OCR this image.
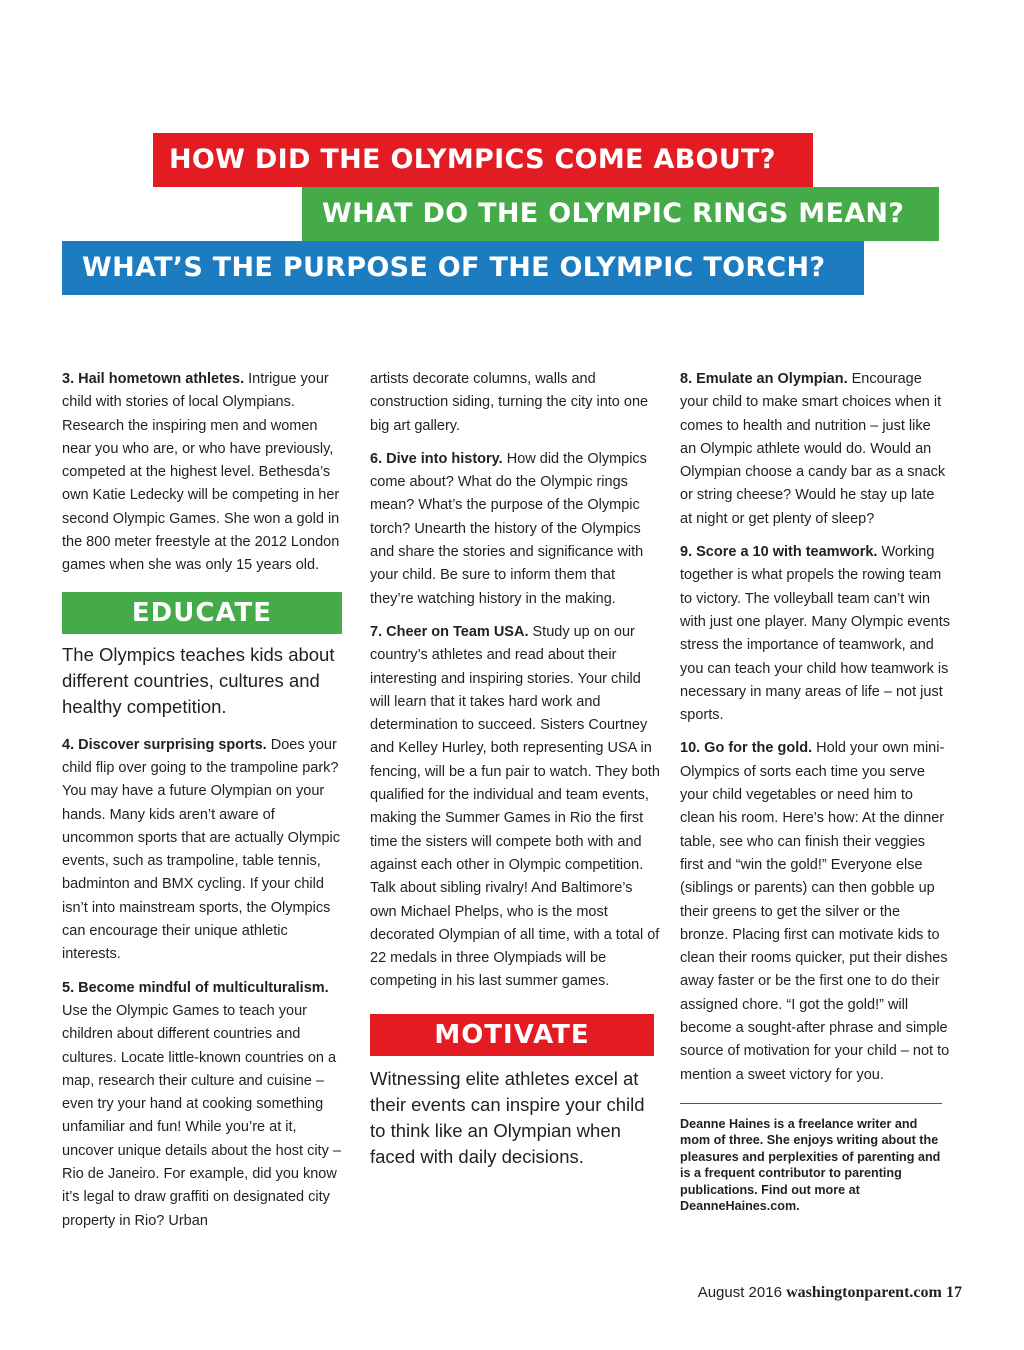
HOW DID THE OLYMPICS COME ABOUT?
WHAT DO THE OLYMPIC RINGS MEAN?
WHAT’S THE PURPOSE OF THE OLYMPIC TORCH?

3. Hail hometown athletes. Intrigue your child with stories of local Olympians. Research the inspiring men and women near you who are, or who have previously, competed at the highest level. Bethesda’s own Katie Ledecky will be competing in her second Olympic Games. She won a gold in the 800 meter freestyle at the 2012 London games when she was only 15 years old.

EDUCATE
The Olympics teaches kids about different countries, cultures and healthy competition.

4. Discover surprising sports. Does your child flip over going to the trampoline park? You may have a future Olympian on your hands. Many kids aren’t aware of uncommon sports that are actually Olympic events, such as trampoline, table tennis, badminton and BMX cycling. If your child isn’t into mainstream sports, the Olympics can encourage their unique athletic interests.

5. Become mindful of multiculturalism. Use the Olympic Games to teach your children about different countries and cultures. Locate little-known countries on a map, research their culture and cuisine – even try your hand at cooking something unfamiliar and fun! While you’re at it, uncover unique details about the host city – Rio de Janeiro. For example, did you know it’s legal to draw graffiti on designated city property in Rio? Urban

artists decorate columns, walls and construction siding, turning the city into one big art gallery.

6. Dive into history. How did the Olympics come about? What do the Olympic rings mean? What’s the purpose of the Olympic torch? Unearth the history of the Olympics and share the stories and significance with your child. Be sure to inform them that they’re watching history in the making.

7. Cheer on Team USA. Study up on our country’s athletes and read about their interesting and inspiring stories. Your child will learn that it takes hard work and determination to succeed. Sisters Courtney and Kelley Hurley, both representing USA in fencing, will be a fun pair to watch. They both qualified for the individual and team events, making the Summer Games in Rio the first time the sisters will compete both with and against each other in Olympic competition. Talk about sibling rivalry! And Baltimore’s own Michael Phelps, who is the most decorated Olympian of all time, with a total of 22 medals in three Olympiads will be competing in his last summer games.

MOTIVATE
Witnessing elite athletes excel at their events can inspire your child to think like an Olympian when faced with daily decisions.

8. Emulate an Olympian. Encourage your child to make smart choices when it comes to health and nutrition – just like an Olympic athlete would do. Would an Olympian choose a candy bar as a snack or string cheese? Would he stay up late at night or get plenty of sleep?

9. Score a 10 with teamwork. Working together is what propels the rowing team to victory. The volleyball team can’t win with just one player. Many Olympic events stress the importance of teamwork, and you can teach your child how teamwork is necessary in many areas of life – not just sports.

10. Go for the gold. Hold your own mini-Olympics of sorts each time you serve your child vegetables or need him to clean his room. Here’s how: At the dinner table, see who can finish their veggies first and “win the gold!” Everyone else (siblings or parents) can then gobble up their greens to get the silver or the bronze. Placing first can motivate kids to clean their rooms quicker, put their dishes away faster or be the first one to do their assigned chore. “I got the gold!” will become a sought-after phrase and simple source of motivation for your child – not to mention a sweet victory for you.

Deanne Haines is a freelance writer and mom of three. She enjoys writing about the pleasures and perplexities of parenting and is a frequent contributor to parenting publications. Find out more at DeanneHaines.com.
August 2016 washingtonparent.com 17
